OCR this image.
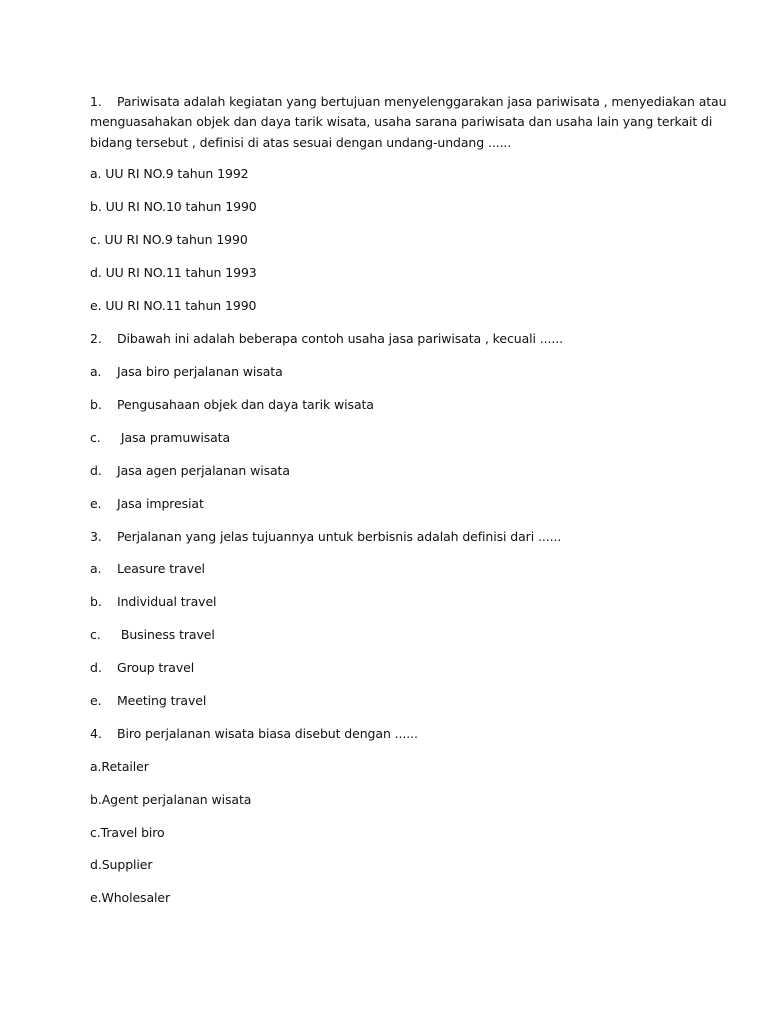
1. Pariwisata adalah kegiatan yang bertujuan menyelenggarakan jasa pariwisata , menyediakan atau
menguasahakan objek dan daya tarik wisata, usaha sarana pariwisata dan usaha lain yang terkait di
bidang tersebut , definisi di atas sesuai dengan undang-undang ......
a. UU RI NO.9 tahun 1992
b. UU RI NO.10 tahun 1990
c. UU RI NO.9 tahun 1990
d. UU RI NO.11 tahun 1993
e. UU RI NO.11 tahun 1990
2. Dibawah ini adalah beberapa contoh usaha jasa pariwisata , kecuali ......
a. Jasa biro perjalanan wisata
b. Pengusahaan objek dan daya tarik wisata
c. Jasa pramuwisata
d. Jasa agen perjalanan wisata
e. Jasa impresiat
3. Perjalanan yang jelas tujuannya untuk berbisnis adalah definisi dari ......
a. Leasure travel
b. Individual travel
c. Business travel
d. Group travel
e. Meeting travel
4. Biro perjalanan wisata biasa disebut dengan ......
a.Retailer
b.Agent perjalanan wisata
c.Travel biro
d.Supplier
e.Wholesaler
